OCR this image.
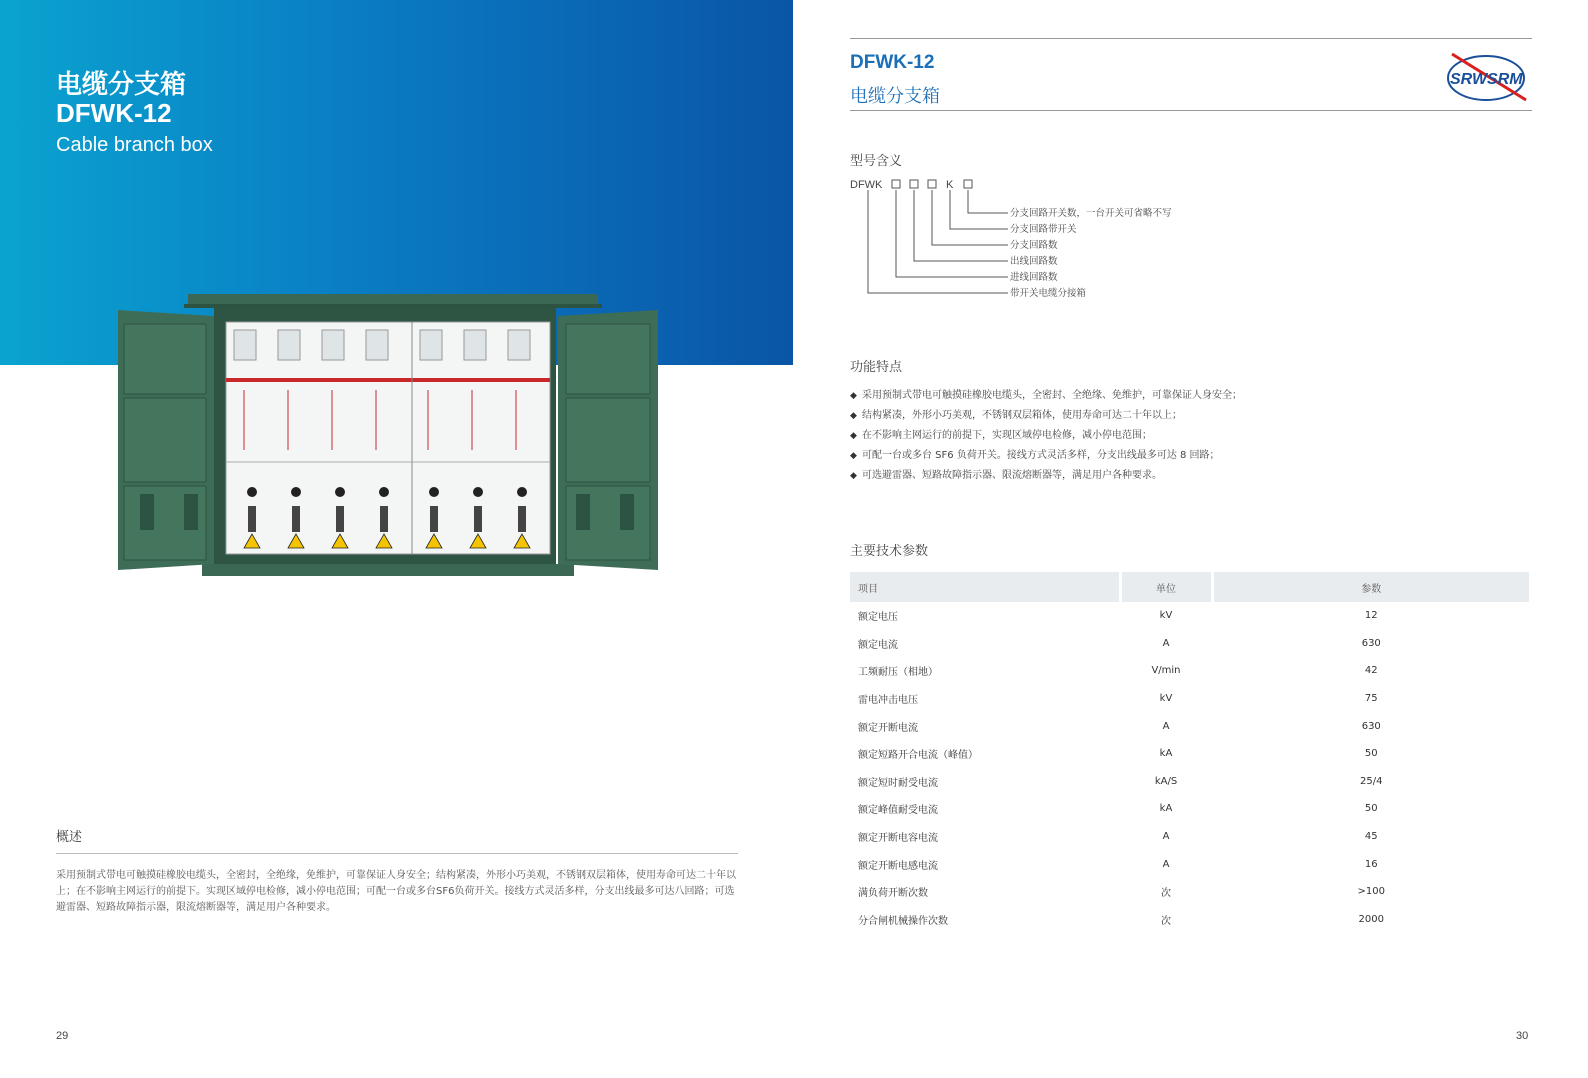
电缆分支箱
DFWK-12
Cable branch box
概述

采用预制式带电可触摸硅橡胶电缆头，全密封，全绝缘，免维护，可靠保证人身安全；结构紧凑，外形小巧美观，不锈钢双层箱体，使用寿命可达二十年以上；在不影响主网运行的前提下。实现区域停电检修，减小停电范围；可配一台或多台SF6负荷开关。接线方式灵活多样，分支出线最多可达八回路；可选避雷器、短路故障指示器，限流熔断器等，满足用户各种要求。

29
DFWK-12
电缆分支箱
SRWSRM
型号含义
DFWK	K
分支回路开关数，一台开关可省略不写
分支回路带开关
分支回路数
出线回路数
进线回路数
带开关电缆分接箱
功能特点
◆ 采用预制式带电可触摸硅橡胶电缆头，全密封、全绝缘、免维护，可靠保证人身安全；
◆ 结构紧凑，外形小巧美观，不锈钢双层箱体，使用寿命可达二十年以上；
◆ 在不影响主网运行的前提下，实现区域停电检修，减小停电范围；
◆ 可配一台或多台 SF6 负荷开关。接线方式灵活多样，分支出线最多可达 8 回路；
◆ 可选避雷器、短路故障指示器、限流熔断器等，满足用户各种要求。
主要技术参数
项目	单位	参数
额定电压	kV	12
额定电流	A	630
工频耐压（相地）	V/min	42
雷电冲击电压	kV	75
额定开断电流	A	630
额定短路开合电流（峰值）	kA	50
额定短时耐受电流	kA/S	25/4
额定峰值耐受电流	kA	50
额定开断电容电流	A	45
额定开断电感电流	A	16
满负荷开断次数	次	>100
分合闸机械操作次数	次	2000
30
